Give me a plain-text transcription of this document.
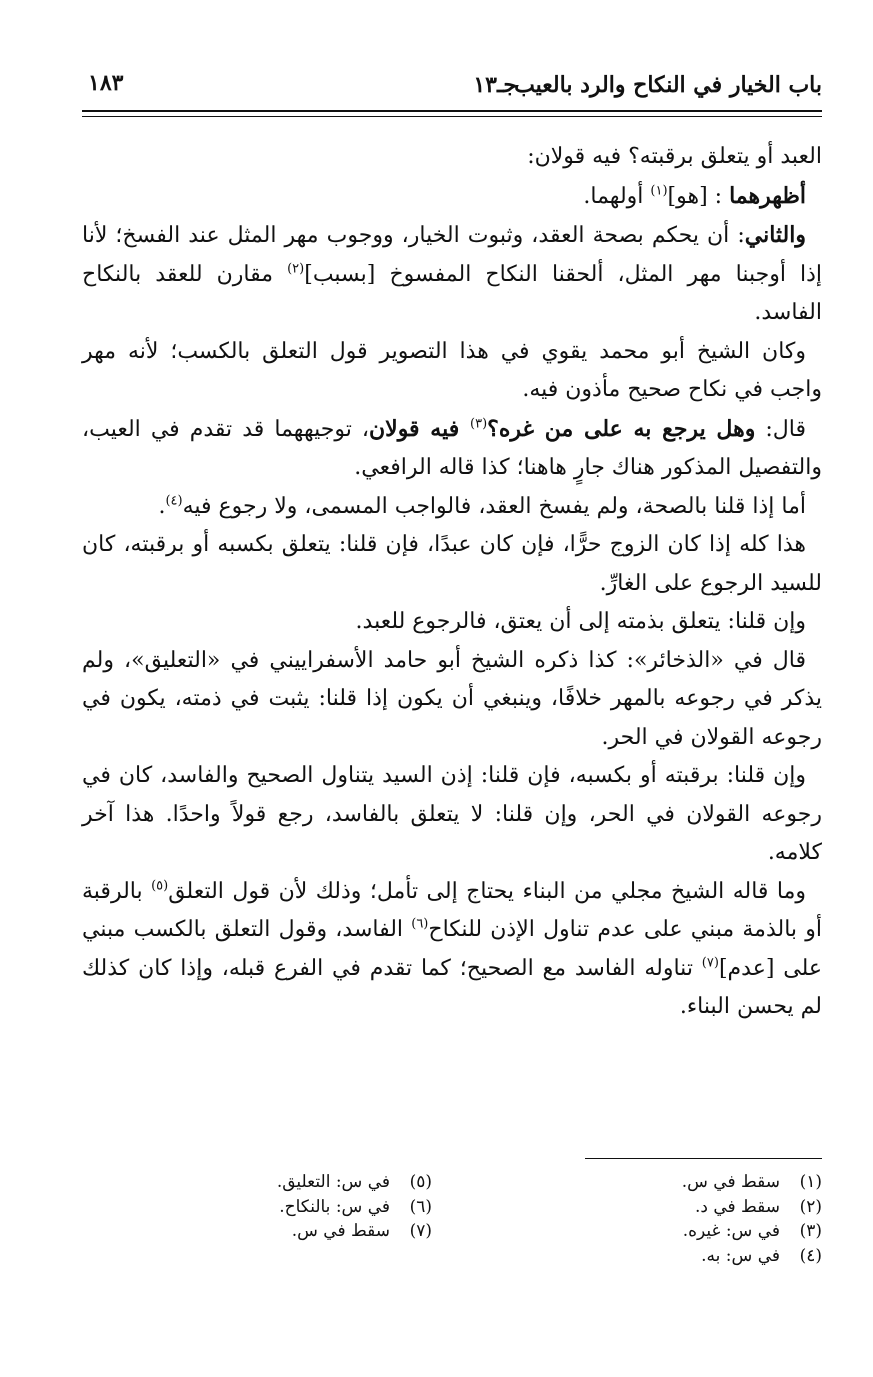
باب الخيار في النكاح والرد بالعيب
جـ١٣
١٨٣

العبد أو يتعلق برقبته؟ فيه قولان:

أظهرهما : [هو]$^{(١)}$ أولهما.

والثاني: أن يحكم بصحة العقد، وثبوت الخيار، ووجوب مهر المثل عند الفسخ؛ لأنا إذا أوجبنا مهر المثل، ألحقنا النكاح المفسوخ [بسبب]$^{(٢)}$ مقارن للعقد بالنكاح الفاسد.

وكان الشيخ أبو محمد يقوي في هذا التصوير قول التعلق بالكسب؛ لأنه مهر واجب في نكاح صحيح مأذون فيه.

قال: وهل يرجع به على من غره؟$^{(٣)}$ فيه قولان، توجيههما قد تقدم في العيب، والتفصيل المذكور هناك جارٍ هاهنا؛ كذا قاله الرافعي.

أما إذا قلنا بالصحة، ولم يفسخ العقد، فالواجب المسمى، ولا رجوع فيه$^{(٤)}$.

هذا كله إذا كان الزوج حرًّا، فإن كان عبدًا، فإن قلنا: يتعلق بكسبه أو برقبته، كان للسيد الرجوع على الغارِّ.

وإن قلنا: يتعلق بذمته إلى أن يعتق، فالرجوع للعبد.

قال في «الذخائر»: كذا ذكره الشيخ أبو حامد الأسفراييني في «التعليق»، ولم يذكر في رجوعه بالمهر خلافًا، وينبغي أن يكون إذا قلنا: يثبت في ذمته، يكون في رجوعه القولان في الحر.

وإن قلنا: برقبته أو بكسبه، فإن قلنا: إذن السيد يتناول الصحيح والفاسد، كان في رجوعه القولان في الحر، وإن قلنا: لا يتعلق بالفاسد، رجع قولاً واحدًا. هذا آخر كلامه.

وما قاله الشيخ مجلي من البناء يحتاج إلى تأمل؛ وذلك لأن قول التعلق$^{(٥)}$ بالرقبة أو بالذمة مبني على عدم تناول الإذن للنكاح$^{(٦)}$ الفاسد، وقول التعلق بالكسب مبني على [عدم]$^{(٧)}$ تناوله الفاسد مع الصحيح؛ كما تقدم في الفرع قبله، وإذا كان كذلك لم يحسن البناء.

(١)سقط في س.
(٢)سقط في د.
(٣)في س: غيره.
(٤)في س: به.
(٥)في س: التعليق.
(٦)في س: بالنكاح.
(٧)سقط في س.
